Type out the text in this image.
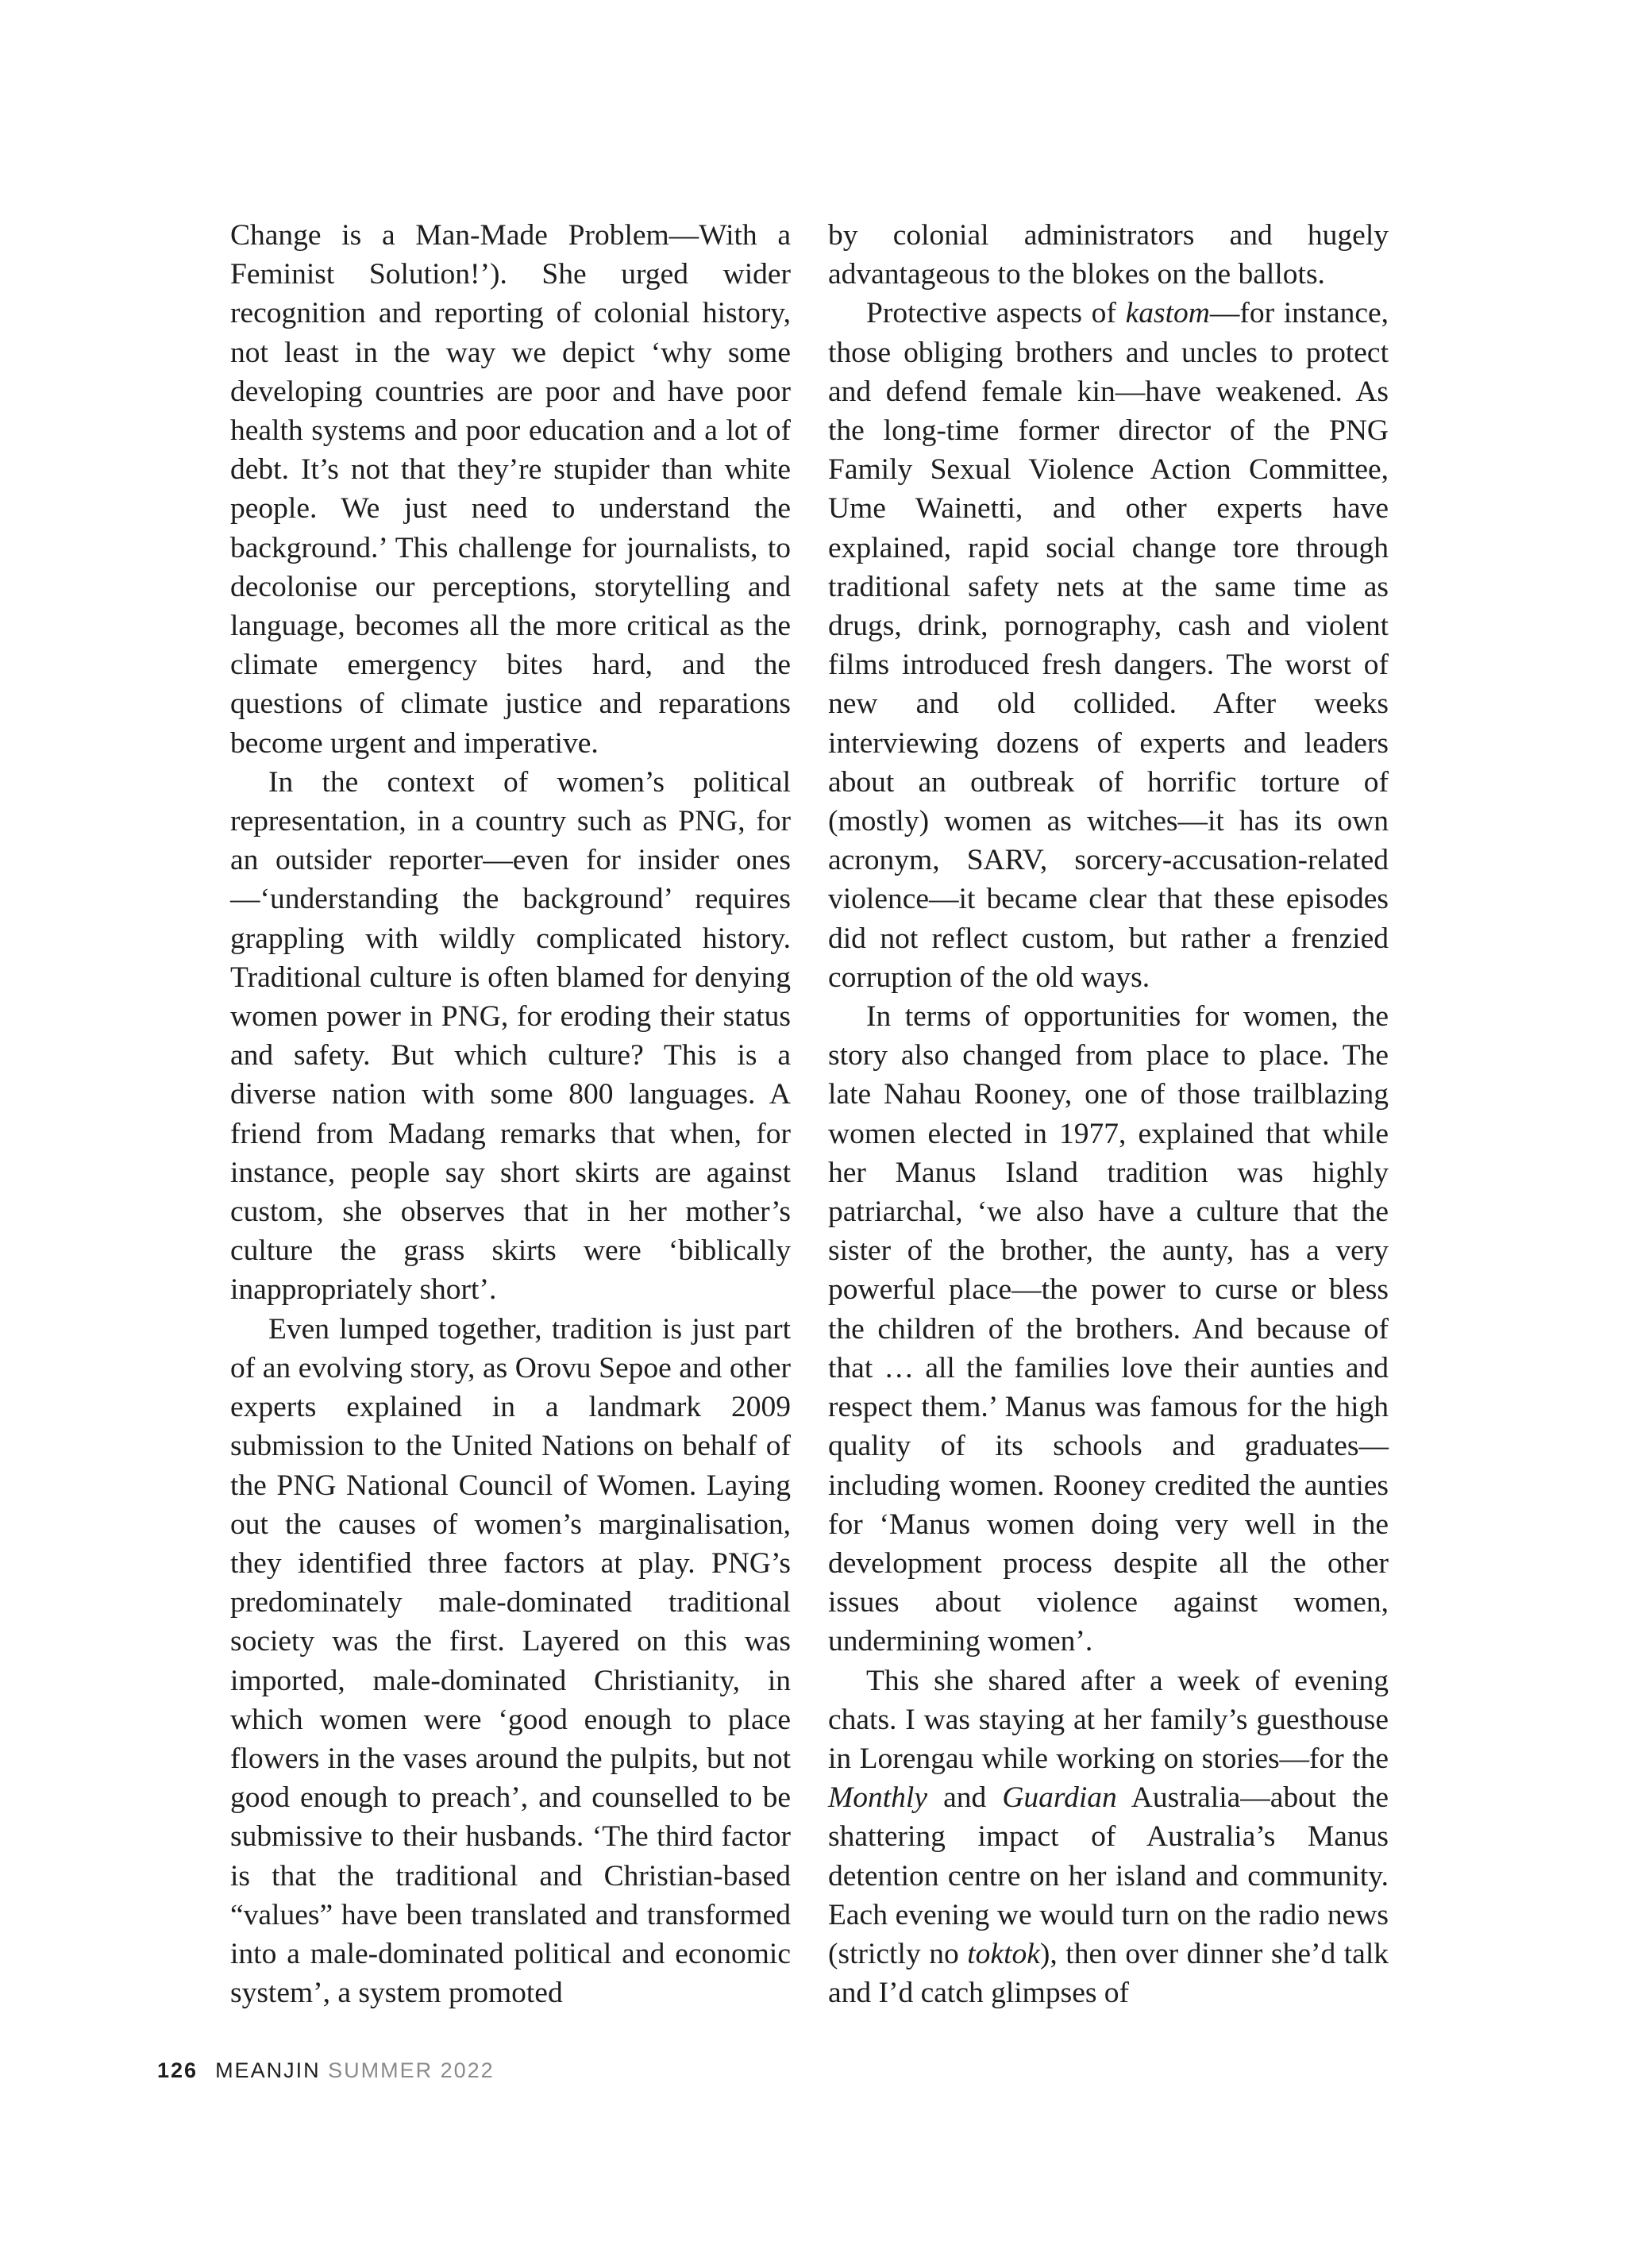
Change is a Man-Made Problem—With a Feminist Solution!’). She urged wider recognition and reporting of colonial history, not least in the way we depict ‘why some developing countries are poor and have poor health systems and poor education and a lot of debt. It’s not that they’re stupider than white people. We just need to understand the background.’ This challenge for journalists, to decolonise our perceptions, storytelling and language, becomes all the more critical as the climate emergency bites hard, and the questions of climate justice and reparations become urgent and imperative.

In the context of women’s political representation, in a country such as PNG, for an outsider reporter—even for insider ones—‘understanding the background’ requires grappling with wildly complicated history. Traditional culture is often blamed for denying women power in PNG, for eroding their status and safety. But which culture? This is a diverse nation with some 800 languages. A friend from Madang remarks that when, for instance, people say short skirts are against custom, she observes that in her mother’s culture the grass skirts were ‘biblically inappropriately short’.

Even lumped together, tradition is just part of an evolving story, as Orovu Sepoe and other experts explained in a landmark 2009 submission to the United Nations on behalf of the PNG National Council of Women. Laying out the causes of women’s marginalisation, they identified three factors at play. PNG’s predominately male-dominated traditional society was the first. Layered on this was imported, male-dominated Christianity, in which women were ‘good enough to place flowers in the vases around the pulpits, but not good enough to preach’, and counselled to be submissive to their husbands. ‘The third factor is that the traditional and Christian-based “values” have been translated and transformed into a male-dominated political and economic system’, a system promoted

by colonial administrators and hugely advantageous to the blokes on the ballots.

Protective aspects of kastom—for instance, those obliging brothers and uncles to protect and defend female kin—have weakened. As the long-time former director of the PNG Family Sexual Violence Action Committee, Ume Wainetti, and other experts have explained, rapid social change tore through traditional safety nets at the same time as drugs, drink, pornography, cash and violent films introduced fresh dangers. The worst of new and old collided. After weeks interviewing dozens of experts and leaders about an outbreak of horrific torture of (mostly) women as witches—it has its own acronym, SARV, sorcery-accusation-related violence—it became clear that these episodes did not reflect custom, but rather a frenzied corruption of the old ways.

In terms of opportunities for women, the story also changed from place to place. The late Nahau Rooney, one of those trailblazing women elected in 1977, explained that while her Manus Island tradition was highly patriarchal, ‘we also have a culture that the sister of the brother, the aunty, has a very powerful place—the power to curse or bless the children of the brothers. And because of that … all the families love their aunties and respect them.’ Manus was famous for the high quality of its schools and graduates—including women. Rooney credited the aunties for ‘Manus women doing very well in the development process despite all the other issues about violence against women, undermining women’.

This she shared after a week of evening chats. I was staying at her family’s guesthouse in Lorengau while working on stories—for the Monthly and Guardian Australia—about the shattering impact of Australia’s Manus detention centre on her island and community. Each evening we would turn on the radio news (strictly no toktok), then over dinner she’d talk and I’d catch glimpses of

126 MEANJIN SUMMER 2022
